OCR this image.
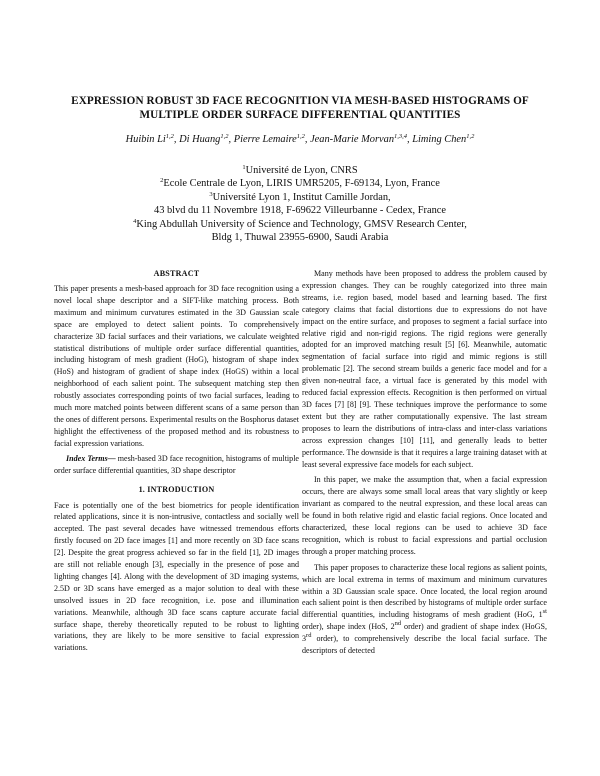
EXPRESSION ROBUST 3D FACE RECOGNITION VIA MESH-BASED HISTOGRAMS OF
MULTIPLE ORDER SURFACE DIFFERENTIAL QUANTITIES
Huibin Li$^{1,2}$, Di Huang$^{1,2}$, Pierre Lemaire$^{1,2}$, Jean-Marie Morvan$^{1,3,4}$, Liming Chen$^{1,2}$
$^1$Université de Lyon, CNRS
$^2$Ecole Centrale de Lyon, LIRIS UMR5205, F-69134, Lyon, France
$^3$Université Lyon 1, Institut Camille Jordan,
43 blvd du 11 Novembre 1918, F-69622 Villeurbanne - Cedex, France
$^4$King Abdullah University of Science and Technology, GMSV Research Center,
Bldg 1, Thuwal 23955-6900, Saudi Arabia
ABSTRACT

This paper presents a mesh-based approach for 3D face recognition using a novel local shape descriptor and a SIFT-like matching process. Both maximum and minimum curvatures estimated in the 3D Gaussian scale space are employed to detect salient points. To comprehensively characterize 3D facial surfaces and their variations, we calculate weighted statistical distributions of multiple order surface differential quantities, including histogram of mesh gradient (HoG), histogram of shape index (HoS) and histogram of gradient of shape index (HoGS) within a local neighborhood of each salient point. The subsequent matching step then robustly associates corresponding points of two facial surfaces, leading to much more matched points between different scans of a same person than the ones of different persons. Experimental results on the Bosphorus dataset highlight the effectiveness of the proposed method and its robustness to facial expression variations.

Index Terms— mesh-based 3D face recognition, histograms of multiple order surface differential quantities, 3D shape descriptor

1. INTRODUCTION

Face is potentially one of the best biometrics for people identification related applications, since it is non-intrusive, contactless and socially well accepted. The past several decades have witnessed tremendous efforts firstly focused on 2D face images [1] and more recently on 3D face scans [2]. Despite the great progress achieved so far in the field [1], 2D images are still not reliable enough [3], especially in the presence of pose and lighting changes [4]. Along with the development of 3D imaging systems, 2.5D or 3D scans have emerged as a major solution to deal with these unsolved issues in 2D face recognition, i.e. pose and illumination variations. Meanwhile, although 3D face scans capture accurate facial surface shape, thereby theoretically reputed to be robust to lighting variations, they are likely to be more sensitive to facial expression variations.

Many methods have been proposed to address the problem caused by expression changes. They can be roughly categorized into three main streams, i.e. region based, model based and learning based. The first category claims that facial distortions due to expressions do not have impact on the entire surface, and proposes to segment a facial surface into relative rigid and non-rigid regions. The rigid regions were generally adopted for an improved matching result [5] [6]. Meanwhile, automatic segmentation of facial surface into rigid and mimic regions is still problematic [2]. The second stream builds a generic face model and for a given non-neutral face, a virtual face is generated by this model with reduced facial expression effects. Recognition is then performed on virtual 3D faces [7] [8] [9]. These techniques improve the performance to some extent but they are rather computationally expensive. The last stream proposes to learn the distributions of intra-class and inter-class variations across expression changes [10] [11], and generally leads to better performance. The downside is that it requires a large training dataset with at least several expressive face models for each subject.

In this paper, we make the assumption that, when a facial expression occurs, there are always some small local areas that vary slightly or keep invariant as compared to the neutral expression, and these local areas can be found in both relative rigid and elastic facial regions. Once located and characterized, these local regions can be used to achieve 3D face recognition, which is robust to facial expressions and partial occlusion through a proper matching process.

This paper proposes to characterize these local regions as salient points, which are local extrema in terms of maximum and minimum curvatures within a 3D Gaussian scale space. Once located, the local region around each salient point is then described by histograms of multiple order surface differential quantities, including histograms of mesh gradient (HoG, 1st order), shape index (HoS, 2nd order) and gradient of shape index (HoGS, 3rd order), to comprehensively describe the local facial surface. The descriptors of detected
